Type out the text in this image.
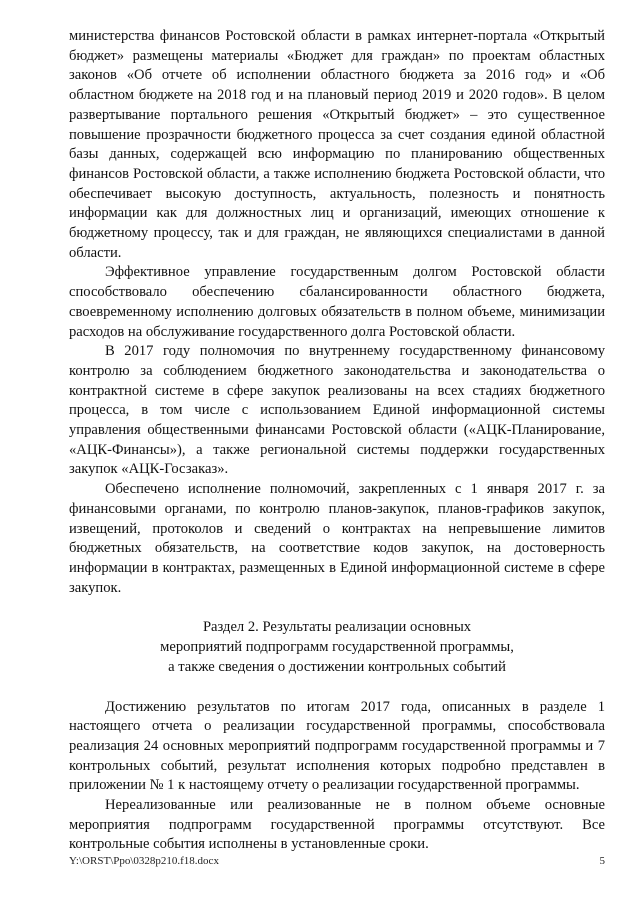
министерства финансов Ростовской области в рамках интернет-портала «Открытый бюджет» размещены материалы «Бюджет для граждан» по проектам областных законов «Об отчете об исполнении областного бюджета за 2016 год» и «Об областном бюджете на 2018 год и на плановый период 2019 и 2020 годов». В целом развертывание портального решения «Открытый бюджет» – это существенное повышение прозрачности бюджетного процесса за счет создания единой областной базы данных, содержащей всю информацию по планированию общественных финансов Ростовской области, а также исполнению бюджета Ростовской области, что обеспечивает высокую доступность, актуальность, полезность и понятность информации как для должностных лиц и организаций, имеющих отношение к бюджетному процессу, так и для граждан, не являющихся специалистами в данной области.

Эффективное управление государственным долгом Ростовской области способствовало обеспечению сбалансированности областного бюджета, своевременному исполнению долговых обязательств в полном объеме, минимизации расходов на обслуживание государственного долга Ростовской области.

В 2017 году полномочия по внутреннему государственному финансовому контролю за соблюдением бюджетного законодательства и законодательства о контрактной системе в сфере закупок реализованы на всех стадиях бюджетного процесса, в том числе с использованием Единой информационной системы управления общественными финансами Ростовской области («АЦК-Планирование, «АЦК-Финансы»), а также региональной системы поддержки государственных закупок «АЦК-Госзаказ».

Обеспечено исполнение полномочий, закрепленных с 1 января 2017 г. за финансовыми органами, по контролю планов-закупок, планов-графиков закупок, извещений, протоколов и сведений о контрактах на непревышение лимитов бюджетных обязательств, на соответствие кодов закупок, на достоверность информации в контрактах, размещенных в Единой информационной системе в сфере закупок.

Раздел 2. Результаты реализации основных
мероприятий подпрограмм государственной программы,
а также сведения о достижении контрольных событий

Достижению результатов по итогам 2017 года, описанных в разделе 1 настоящего отчета о реализации государственной программы, способствовала реализация 24 основных мероприятий подпрограмм государственной программы и 7 контрольных событий, результат исполнения которых подробно представлен в приложении № 1 к настоящему отчету о реализации государственной программы.

Нереализованные или реализованные не в полном объеме основные мероприятия подпрограмм государственной программы отсутствуют. Все контрольные события исполнены в установленные сроки.

Y:\ORST\Ppo\0328p210.f18.docx	5
